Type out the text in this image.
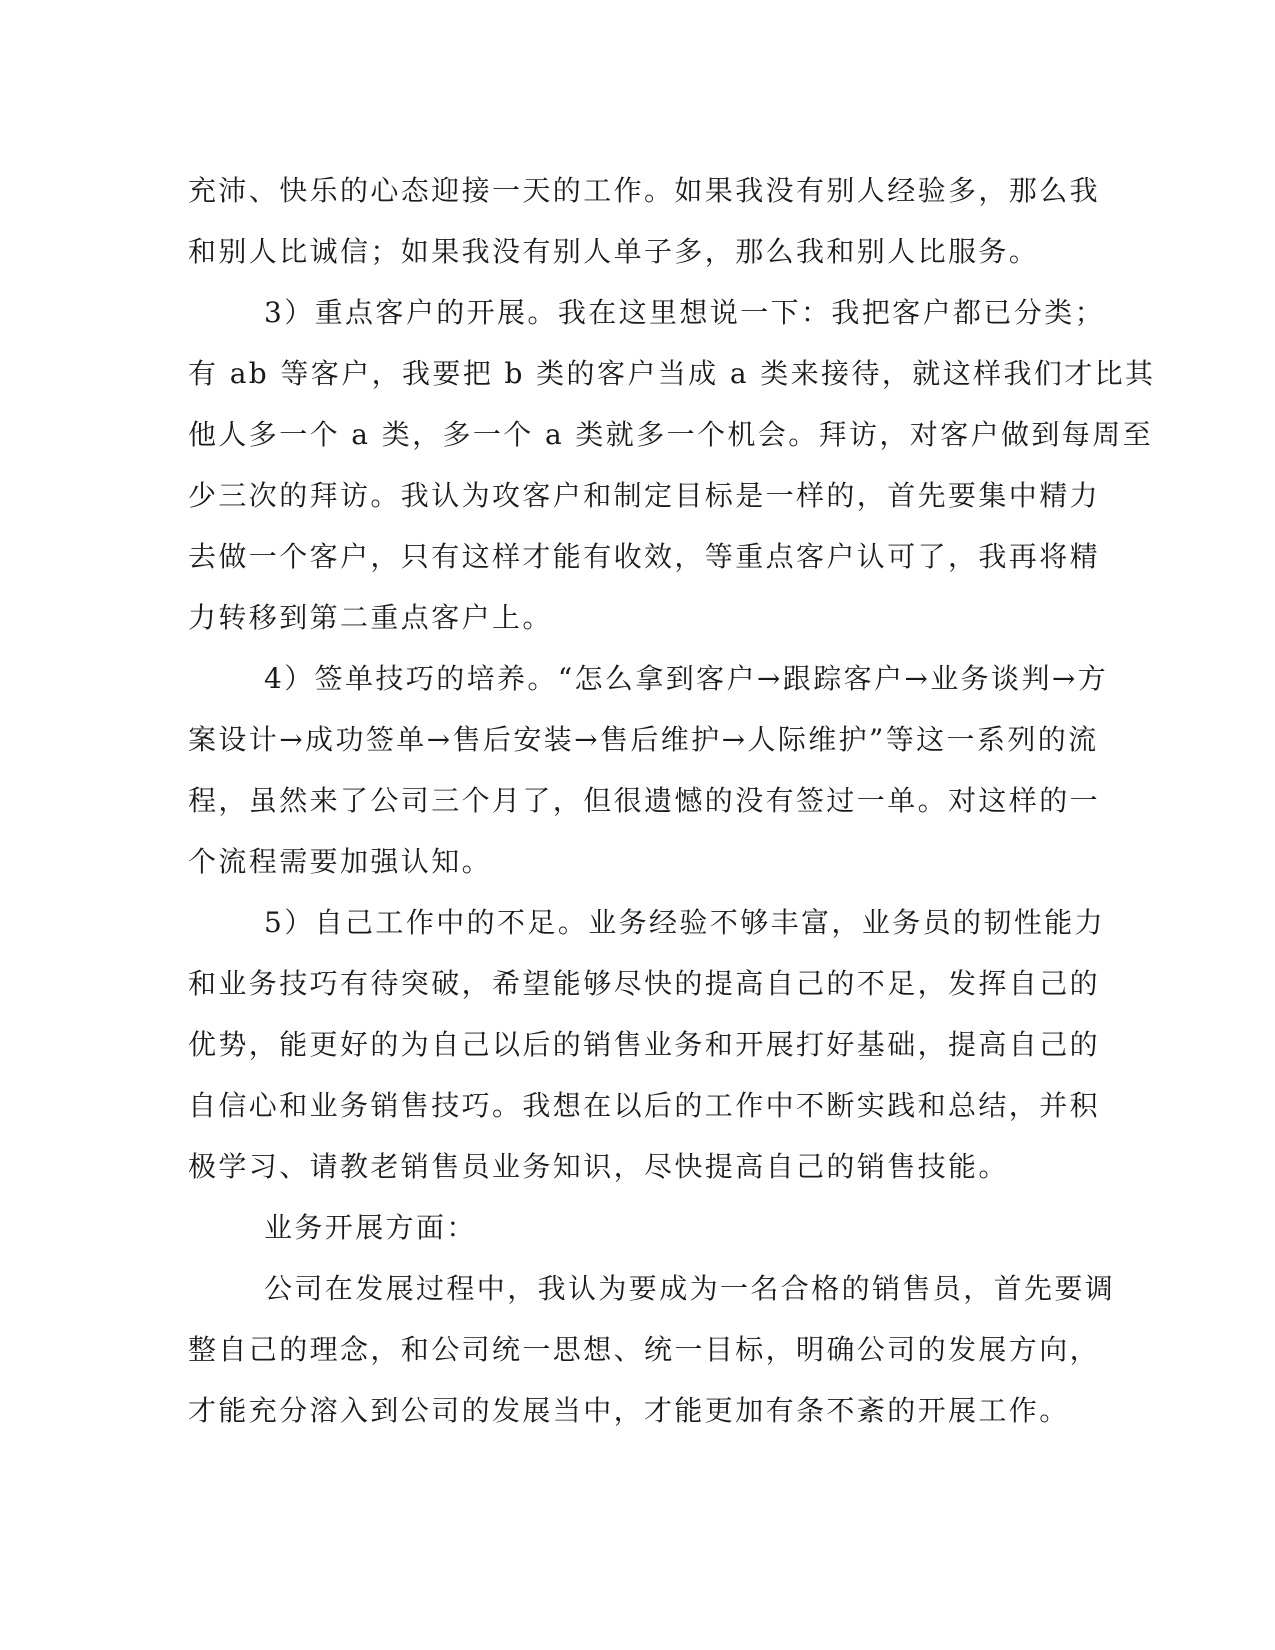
充沛、快乐的心态迎接一天的工作。如果我没有别人经验多，那么我
和别人比诚信；如果我没有别人单子多，那么我和别人比服务。
3）重点客户的开展。我在这里想说一下：我把客户都已分类；
有 ab 等客户，我要把 b 类的客户当成 a 类来接待，就这样我们才比其
他人多一个 a 类，多一个 a 类就多一个机会。拜访，对客户做到每周至
少三次的拜访。我认为攻客户和制定目标是一样的，首先要集中精力
去做一个客户，只有这样才能有收效，等重点客户认可了，我再将精
力转移到第二重点客户上。
4）签单技巧的培养。“怎么拿到客户→跟踪客户→业务谈判→方
案设计→成功签单→售后安装→售后维护→人际维护”等这一系列的流
程，虽然来了公司三个月了，但很遗憾的没有签过一单。对这样的一
个流程需要加强认知。
5）自己工作中的不足。业务经验不够丰富，业务员的韧性能力
和业务技巧有待突破，希望能够尽快的提高自己的不足，发挥自己的
优势，能更好的为自己以后的销售业务和开展打好基础，提高自己的
自信心和业务销售技巧。我想在以后的工作中不断实践和总结，并积
极学习、请教老销售员业务知识，尽快提高自己的销售技能。
业务开展方面：
公司在发展过程中，我认为要成为一名合格的销售员，首先要调
整自己的理念，和公司统一思想、统一目标，明确公司的发展方向，
才能充分溶入到公司的发展当中，才能更加有条不紊的开展工作。
